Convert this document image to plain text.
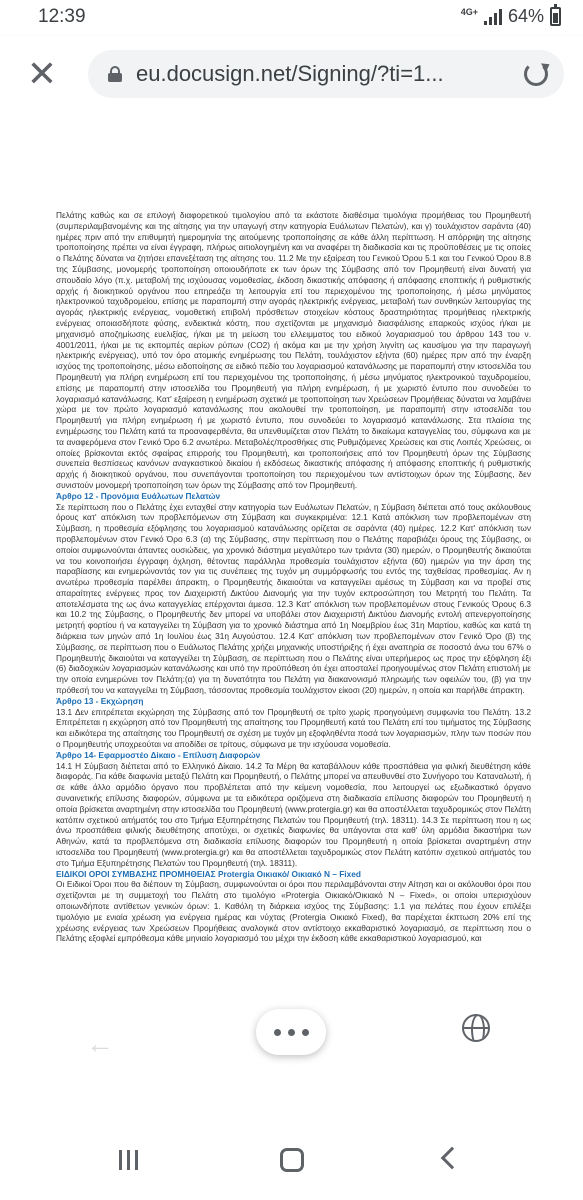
12:39	4G+ 64%
✕	eu.docusign.net/Signing/?ti=1...

Πελάτης καθώς και σε επιλογή διαφορετικού τιμολογίου από τα εκάστοτε διαθέσιμα τιμολόγια προμήθειας του Προμηθευτή (συμπεριλαμβανομένης και της αίτησης για την υπαγωγή στην κατηγορία Ευάλωτων Πελατών), και γ) τουλάχιστον σαράντα (40) ημέρες πριν από την επιθυμητή ημερομηνία της αιτούμενης τροποποίησης σε κάθε άλλη περίπτωση. Η απόρριψη της αίτησης τροποποίησης πρέπει να είναι έγγραφη, πλήρως αιτιολογημένη και να αναφέρει τη διαδικασία και τις προϋποθέσεις με τις οποίες ο Πελάτης δύναται να ζητήσει επανεξέταση της αίτησης του. 11.2 Με την εξαίρεση του Γενικού Όρου 5.1 και του Γενικού Όρου 8.8 της Σύμβασης, μονομερής τροποποίηση οποιουδήποτε εκ των όρων της Σύμβασης από τον Προμηθευτή είναι δυνατή για σπουδαίο λόγο (π.χ. μεταβολή της ισχύουσας νομοθεσίας, έκδοση δικαστικής απόφασης ή απόφασης εποπτικής ή ρυθμιστικής αρχής ή διοικητικού οργάνου που επηρεάζει τη λειτουργία επί του περιεχομένου της τροποποίησης, ή μέσω μηνύματος ηλεκτρονικού ταχυδρομείου, επίσης με παραπομπή στην αγοράς ηλεκτρικής ενέργειας, μεταβολή των συνθηκών λειτουργίας της αγοράς ηλεκτρικής ενέργειας, νομοθετική επιβολή πρόσθετων στοιχείων κόστους δραστηριότητας προμήθειας ηλεκτρικής ενέργειας οποιασδήποτε φύσης, ενδεικτικά κόστη, που σχετίζονται με μηχανισμό διασφάλισης επαρκούς ισχύος ή/και με μηχανισμό αποζημίωσης ευελιξίας, ή/και με τη μείωση του ελλειμματος του ειδικού λογαριασμού του άρθρου 143 του ν. 4001/2011, ή/και με τις εκπομπές αερίων ρύπων (CO2) ή ακόμα και με την χρήση λιγνίτη ως καυσίμου για την παραγωγή ηλεκτρικής ενέργειας), υπό τον όρο ατομικής ενημέρωσης του Πελάτη, τουλάχιστον εξήντα (60) ημέρες πριν από την έναρξη ισχύος της τροποποίησης, μέσω ειδοποίησης σε ειδικό πεδίο του λογαριασμού κατανάλωσης με παραπομπή στην ιστοσελίδα του Προμηθευτή για πλήρη ενημέρωση επί του περιεχομένου της τροποποίησης, ή μέσω μηνύματος ηλεκτρονικού ταχυδρομείου, επίσης με παραπομπή στην ιστοσελίδα του Προμηθευτή για πλήρη ενημέρωση, ή με χωριστό έντυπο που συνοδεύει το λογαριασμό κατανάλωσης. Κατ' εξαίρεση η ενημέρωση σχετικά με τροποποίηση των Χρεώσεων Προμήθειας δύναται να λαμβάνει χώρα με τον πρώτο λογαριασμό κατανάλωσης που ακολουθεί την τροποποίηση, με παραπομπή στην ιστοσελίδα του Προμηθευτή για πλήρη ενημέρωση ή με χωριστό έντυπο, που συνοδεύει το λογαριασμό κατανάλωσης. Στα πλαίσια της ενημέρωσης του Πελάτη κατά τα προαναφερθέντα, θα υπενθυμίζεται στον Πελάτη το δικαίωμα καταγγελίας του, σύμφωνα και με τα αναφερόμενα στον Γενικό Όρο 6.2 ανωτέρω. Μεταβολές/προσθήκες στις Ρυθμιζόμενες Χρεώσεις και στις Λοιπές Χρεώσεις, οι οποίες βρίσκονται εκτός σφαίρας επιρροής του Προμηθευτή, και τροποποιήσεις από τον Προμηθευτή όρων της Σύμβασης συνεπεία θεσπίσεως κανόνων αναγκαστικού δικαίου ή εκδόσεως δικαστικής απόφασης ή απόφασης εποπτικής ή ρυθμιστικής αρχής ή διοικητικού οργάνου, που συνεπάγονται τροποποίηση του περιεχομένου των αντίστοιχων όρων της Σύμβασης, δεν συνιστούν μονομερή τροποποίηση των όρων της Σύμβασης από τον Προμηθευτή.

Άρθρο 12 - Προνόμια Ευάλωτων Πελατών

Σε περίπτωση που ο Πελάτης έχει ενταχθεί στην κατηγορία των Ευάλωτων Πελατών, η Σύμβαση διέπεται από τους ακόλουθους όρους κατ' απόκλιση των προβλεπόμενων στη Σύμβαση και συγκεκριμένα: 12.1 Κατά απόκλιση των προβλεπομένων στη Σύμβαση, η προθεσμία εξόφλησης του λογαριασμού κατανάλωσης ορίζεται σε σαράντα (40) ημέρες. 12.2 Κατ' απόκλιση των προβλεπομένων στον Γενικό Όρο 6.3 (α) της Σύμβασης, στην περίπτωση που ο Πελάτης παραβιάζει όρους της Σύμβασης, οι οποίοι συμφωνούνται άπαντες ουσιώδεις, για χρονικό διάστημα μεγαλύτερο των τριάντα (30) ημερών, ο Προμηθευτής δικαιούται να του κοινοποιήσει έγγραφη όχληση, θέτοντας παράλληλα προθεσμία τουλάχιστον εξήντα (60) ημερών για την άρση της παραβίασης και ενημερώνοντάς τον για τις συνέπειες της τυχόν μη συμμόρφωσής του εντός της ταχθείσας προθεσμίας. Αν η ανωτέρω προθεσμία παρέλθει άπρακτη, ο Προμηθευτής δικαιούται να καταγγείλει αμέσως τη Σύμβαση και να προβεί στις απαραίτητες ενέργειες προς τον Διαχειριστή Δικτύου Διανομής για την τυχόν εκπροσώπηση του Μετρητή του Πελάτη. Τα αποτελέσματα της ως άνω καταγγελίας επέρχονται άμεσα. 12.3 Κατ' απόκλιση των προβλεπομένων στους Γενικούς Όρους 6.3 και 10.2 της Σύμβασης, ο Προμηθευτής δεν μπορεί να υποβάλει στον Διαχειριστή Δικτύου Διανομής εντολή απενεργοποίησης μετρητή φορτίου ή να καταγγείλει τη Σύμβαση για το χρονικό διάστημα από 1η Νοεμβρίου έως 31η Μαρτίου, καθώς και κατά τη διάρκεια των μηνών από 1η Ιουλίου έως 31η Αυγούστου. 12.4 Κατ' απόκλιση των προβλεπομένων στον Γενικό Όρο (β) της Σύμβασης, σε περίπτωση που ο Ευάλωτος Πελάτης χρήζει μηχανικής υποστήριξης ή έχει αναπηρία σε ποσοστό άνω του 67% ο Προμηθευτής δικαιούται να καταγγείλει τη Σύμβαση, σε περίπτωση που ο Πελάτης είναι υπερήμερος ως προς την εξόφληση έξι (6) διαδοχικών λογαριασμών κατανάλωσης και υπό την προϋπόθεση ότι έχει αποσταλεί προηγουμένως στον Πελάτη επιστολή με την οποία ενημερώνει τον Πελάτη:(α) για τη δυνατότητα του Πελάτη για διακανονισμό πληρωμής των οφειλών του, (β) για την πρόθεσή του να καταγγείλει τη Σύμβαση, τάσσοντας προθεσμία τουλάχιστον είκοσι (20) ημερών, η οποία και παρήλθε άπρακτη.

Άρθρο 13 - Εκχώρηση

13.1 Δεν επιτρέπεται εκχώρηση της Σύμβασης από τον Προμηθευτή σε τρίτο χωρίς προηγούμενη συμφωνία του Πελάτη. 13.2 Επιτρέπεται η εκχώρηση από τον Προμηθευτή της απαίτησης του Προμηθευτή κατά του Πελάτη επί του τιμήματος της Σύμβασης και ειδικότερα της απαίτησης του Προμηθευτή σε σχέση με τυχόν μη εξοφληθέντα ποσά των λογαριασμών, πλην των ποσών που ο Προμηθευτής υποχρεούται να αποδίδει σε τρίτους, σύμφωνα με την ισχύουσα νομοθεσία.

Άρθρο 14- Εφαρμοστέο Δίκαιο - Επίλυση Διαφορών

14.1 Η Σύμβαση διέπεται από το Ελληνικό Δίκαιο. 14.2 Τα Μέρη θα καταβάλλουν κάθε προσπάθεια για φιλική διευθέτηση κάθε διαφοράς. Για κάθε διαφωνία μεταξύ Πελάτη και Προμηθευτή, ο Πελάτης μπορεί να απευθυνθεί στο Συνήγορο του Καταναλωτή, ή σε κάθε άλλο αρμόδιο όργανο που προβλέπεται από την κείμενη νομοθεσία, που λειτουργεί ως εξωδικαστικό όργανο συναινετικής επίλυσης διαφορών, σύμφωνα με τα ειδικότερα οριζόμενα στη διαδικασία επίλυσης διαφορών του Προμηθευτή η οποία βρίσκεται αναρτημένη στην ιστοσελίδα του Προμηθευτή (www.protergia.gr) και θα αποστέλλεται ταχυδρομικώς στον Πελάτη κατόπιν σχετικού αιτήματός του στο Τμήμα Εξυπηρέτησης Πελατών του Προμηθευτή (τηλ. 18311). 14.3 Σε περίπτωση που η ως άνω προσπάθεια φιλικής διευθέτησης αποτύχει, οι σχετικές διαφωνίες θα υπάγονται στα καθ' ύλη αρμόδια δικαστήρια των Αθηνών, κατά τα προβλεπόμενα στη διαδικασία επίλυσης διαφορών του Προμηθευτή η οποία βρίσκεται αναρτημένη στην ιστοσελίδα του Προμηθευτή (www.protergia.gr) και θα αποστέλλεται ταχυδρομικώς στον Πελάτη κατόπιν σχετικού αιτήματός του στο Τμήμα Εξυπηρέτησης Πελατών του Προμηθευτή (τηλ. 18311).

ΕΙΔΙΚΟΙ ΟΡΟΙ ΣΥΜΒΑΣΗΣ ΠΡΟΜΗΘΕΙΑΣ Protergia Οικιακό/ Οικιακό Ν – Fixed

Οι Ειδικοί Όροι που θα διέπουν τη Σύμβαση, συμφωνούνται οι όροι που περιλαμβάνονται στην Αίτηση και οι ακόλουθοι όροι που σχετίζονται με τη συμμετοχή του Πελάτη στο τιμολόγιο «Protergia Οικιακό/Οικιακό Ν – Fixed», οι οποίοι υπερισχύουν οποιωνδήποτε αντίθετων γενικών όρων: 1. Καθόλη τη διάρκεια ισχύος της Σύμβασης: 1.1 για πελάτες που έχουν επιλέξει τιμολόγιο με ενιαία χρέωση για ενέργεια ημέρας και νύχτας (Protergia Οικιακό Fixed), θα παρέχεται έκπτωση 20% επί της χρέωσης ενέργειας των Χρεώσεων Προμήθειας αναλογικά στον αντίστοιχο εκκαθαριστικό λογαριασμό, σε περίπτωση που ο Πελάτης εξοφλεί εμπρόθεσμα κάθε μηνιαίο λογαριασμό του μέχρι την έκδοση κάθε εκκαθαριστικού λογαριασμού, και

←
